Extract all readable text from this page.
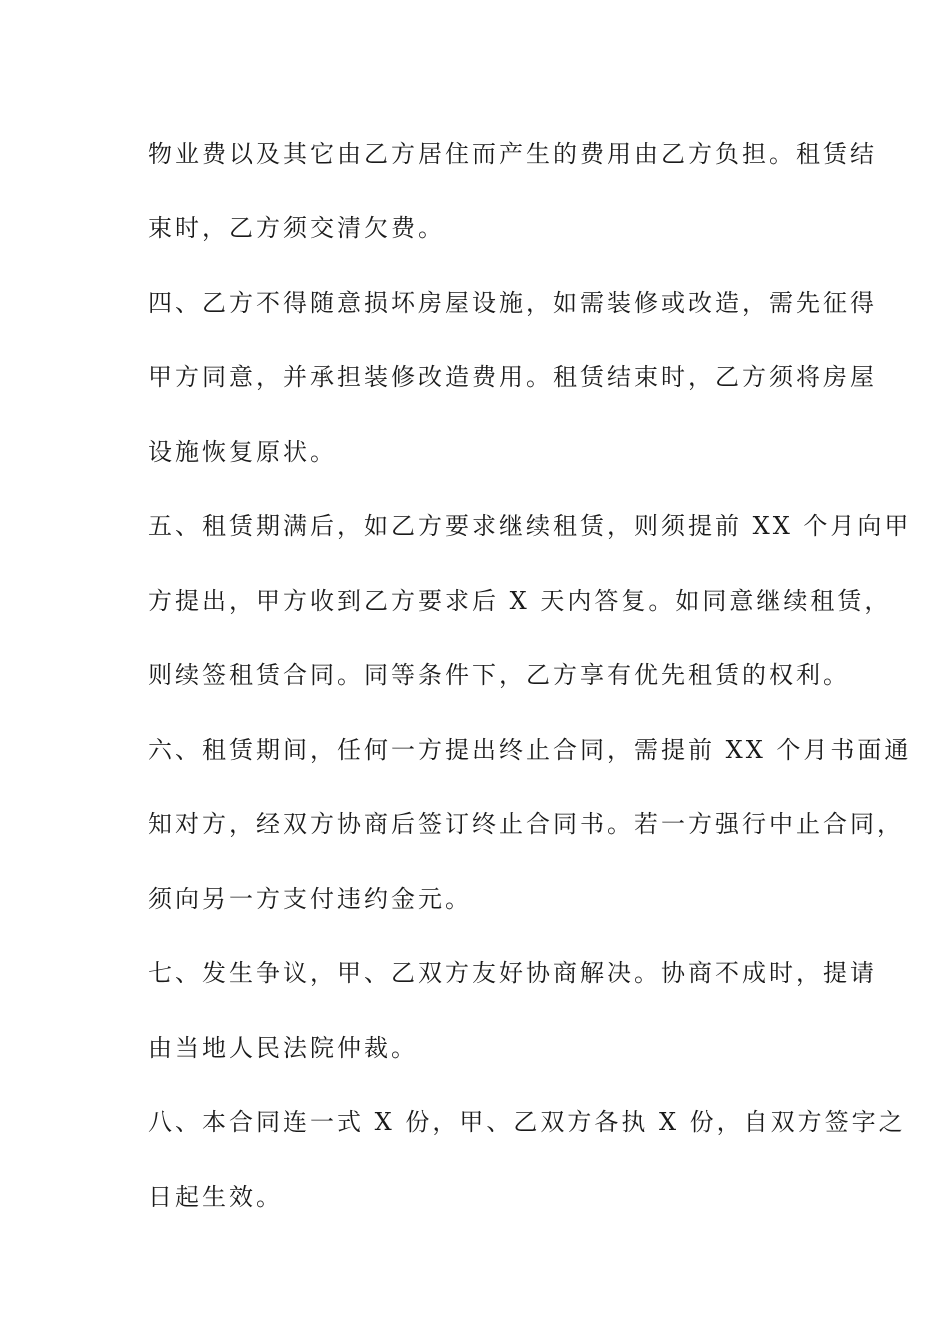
物业费以及其它由乙方居住而产生的费用由乙方负担。租赁结
束时，乙方须交清欠费。
四、乙方不得随意损坏房屋设施，如需装修或改造，需先征得
甲方同意，并承担装修改造费用。租赁结束时，乙方须将房屋
设施恢复原状。
五、租赁期满后，如乙方要求继续租赁，则须提前 XX 个月向甲
方提出，甲方收到乙方要求后 X 天内答复。如同意继续租赁，
则续签租赁合同。同等条件下，乙方享有优先租赁的权利。
六、租赁期间，任何一方提出终止合同，需提前 XX 个月书面通
知对方，经双方协商后签订终止合同书。若一方强行中止合同，
须向另一方支付违约金元。
七、发生争议，甲、乙双方友好协商解决。协商不成时，提请
由当地人民法院仲裁。
八、本合同连一式 X 份，甲、乙双方各执 X 份，自双方签字之
日起生效。
